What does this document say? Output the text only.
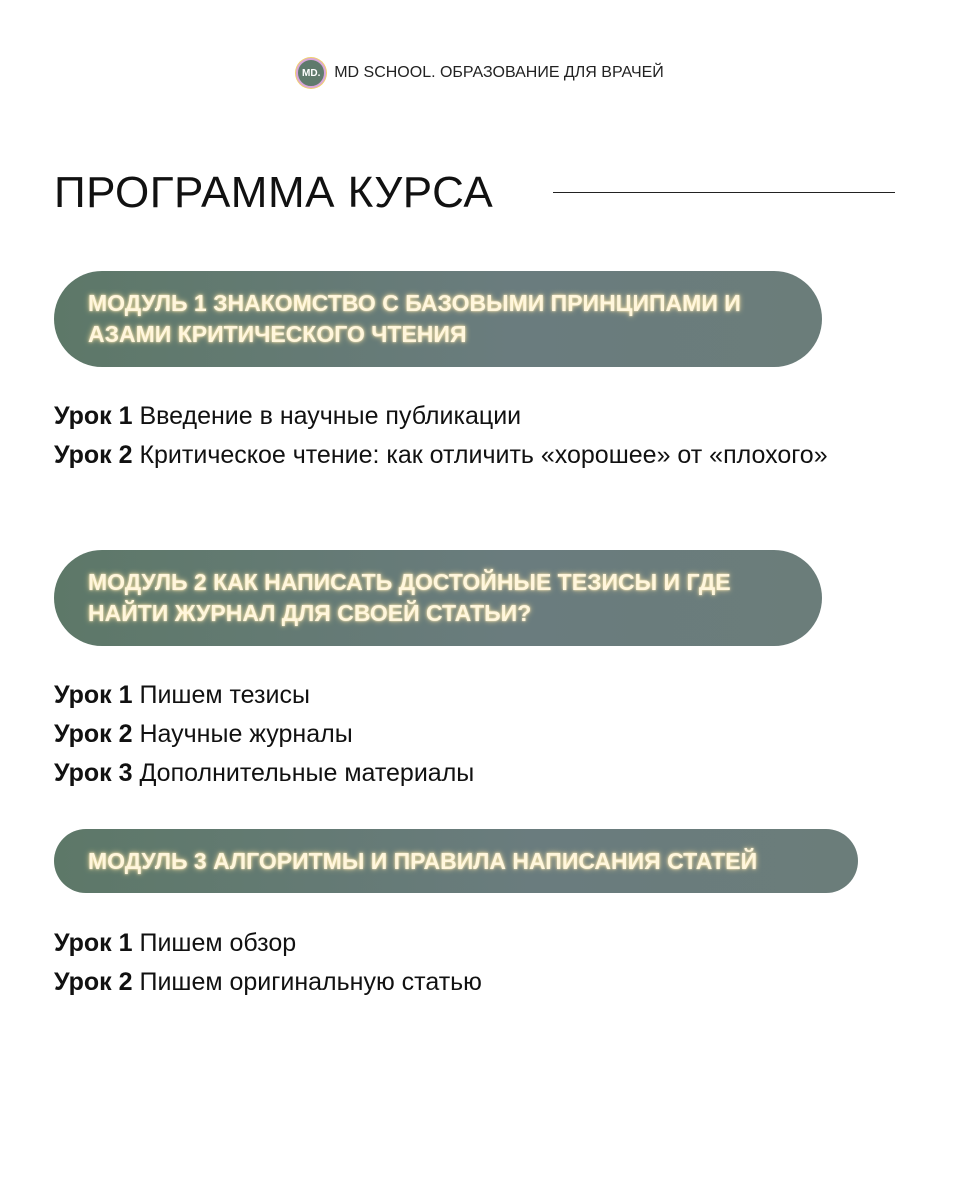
MD. MD SCHOOL. ОБРАЗОВАНИЕ ДЛЯ ВРАЧЕЙ
ПРОГРАММА КУРСА
МОДУЛЬ 1 ЗНАКОМСТВО С БАЗОВЫМИ ПРИНЦИПАМИ И АЗАМИ КРИТИЧЕСКОГО ЧТЕНИЯ
Урок 1 Введение в научные публикации
Урок 2 Критическое чтение: как отличить «хорошее» от «плохого»
МОДУЛЬ 2 КАК НАПИСАТЬ ДОСТОЙНЫЕ ТЕЗИСЫ И ГДЕ НАЙТИ ЖУРНАЛ ДЛЯ СВОЕЙ СТАТЬИ?
Урок 1 Пишем тезисы
Урок 2 Научные журналы
Урок 3 Дополнительные материалы
МОДУЛЬ 3 АЛГОРИТМЫ И ПРАВИЛА НАПИСАНИЯ СТАТЕЙ
Урок 1 Пишем обзор
Урок 2 Пишем оригинальную статью
